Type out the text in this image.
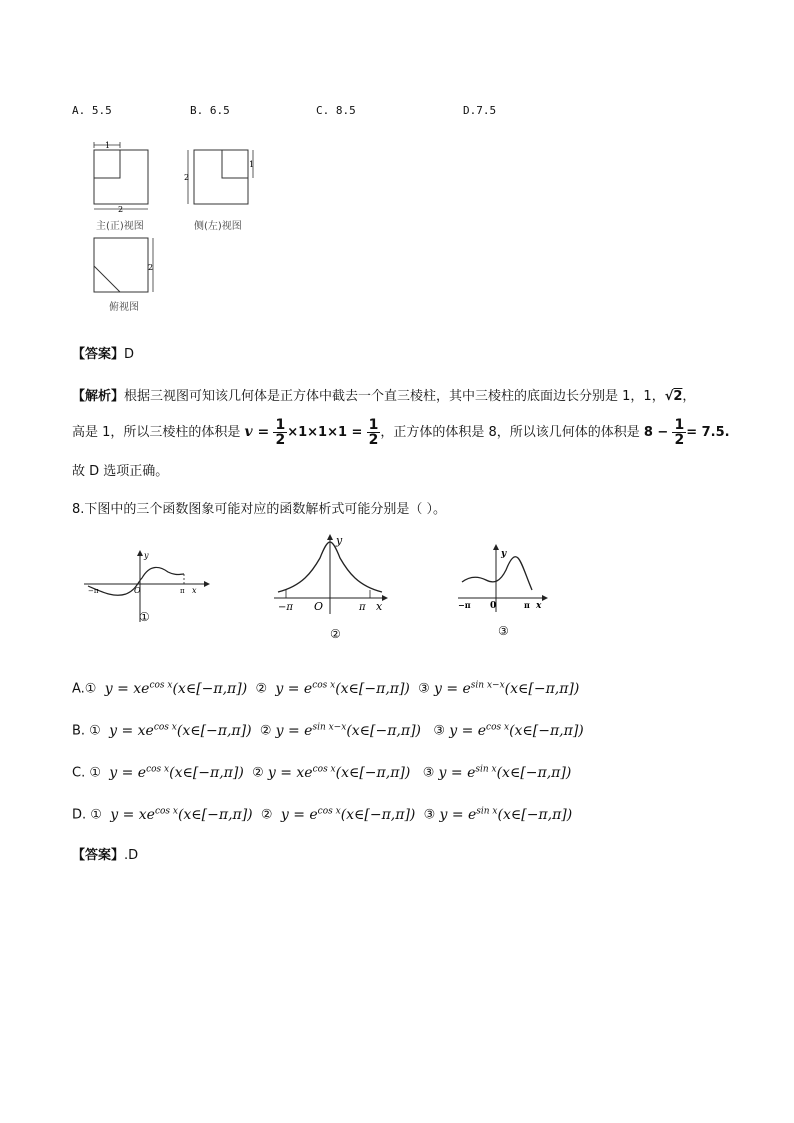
A. 5.5	B. 6.5	C. 8.5	D.7.5
1
2
2
1
2
主(正)视图	侧(左)视图
俯视图
【答案】D
【解析】根据三视图可知该几何体是正方体中截去一个直三棱柱，其中三棱柱的底面边长分别是 1，1，√2，
高是 1，所以三棱柱的体积是 $v = \frac{1}{2} \times 1\times 1\times 1 = \frac{1}{2}$ ，正方体的体积是 8，所以该几何体的体积是 $8 - \frac{1}{2} = 7.5$.
故 D 选项正确。
8.下图中的三个函数图象可能对应的函数解析式可能分别是（ ）。
−π	O	π x
y
①
−π O	π x
y
②
−π 0	π x
y
③
A.① $y = xe^{cos x}(x\in[-\pi,\pi])$ ② $y = e^{cos x}(x\in[-\pi,\pi])$ ③ $y = e^{sin x-x}(x\in[-\pi,\pi])$
B. ① $y = xe^{cos x}(x\in[-\pi,\pi])$ ② $y = e^{sin x-x}(x\in[-\pi,\pi])$ ③ $y = e^{cos x}(x\in[-\pi,\pi])$
C. ① $y = e^{cos x}(x\in[-\pi,\pi])$ ② $y = xe^{cos x}(x\in[-\pi,\pi])$ ③ $y = e^{sin x}(x\in[-\pi,\pi])$
D. ① $y = xe^{cos x}(x\in[-\pi,\pi])$ ② $y = e^{cos x}(x\in[-\pi,\pi])$ ③ $y = e^{sin x}(x\in[-\pi,\pi])$
【答案】.D
